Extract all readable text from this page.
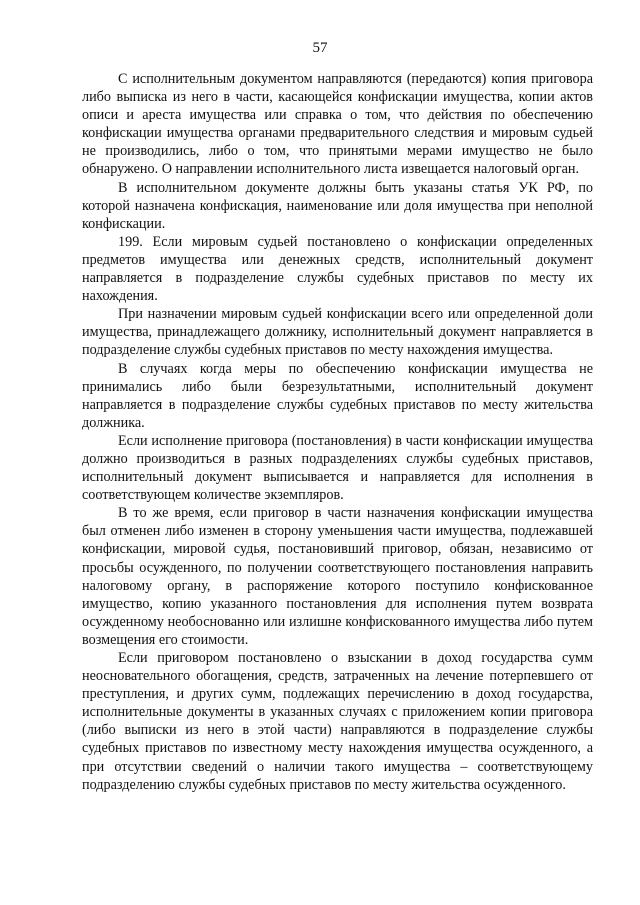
57

С исполнительным документом направляются (передаются) копия приговора либо выписка из него в части, касающейся конфискации имущества, копии актов описи и ареста имущества или справка о том, что действия по обеспечению конфискации имущества органами предварительного следствия и мировым судьей не производились, либо о том, что принятыми мерами имущество не было обнаружено. О направлении исполнительного листа извещается налоговый орган.

В исполнительном документе должны быть указаны статья УК РФ, по которой назначена конфискация, наименование или доля имущества при неполной конфискации.

199. Если мировым судьей постановлено о конфискации определенных предметов имущества или денежных средств, исполнительный документ направляется в подразделение службы судебных приставов по месту их нахождения.

При назначении мировым судьей конфискации всего или определенной доли имущества, принадлежащего должнику, исполнительный документ направляется в подразделение службы судебных приставов по месту нахождения имущества.

В случаях когда меры по обеспечению конфискации имущества не принимались либо были безрезультатными, исполнительный документ направляется в подразделение службы судебных приставов по месту жительства должника.

Если исполнение приговора (постановления) в части конфискации имущества должно производиться в разных подразделениях службы судебных приставов, исполнительный документ выписывается и направляется для исполнения в соответствующем количестве экземпляров.

В то же время, если приговор в части назначения конфискации имущества был отменен либо изменен в сторону уменьшения части имущества, подлежавшей конфискации, мировой судья, постановивший приговор, обязан, независимо от просьбы осужденного, по получении соответствующего постановления направить налоговому органу, в распоряжение которого поступило конфискованное имущество, копию указанного постановления для исполнения путем возврата осужденному необоснованно или излишне конфискованного имущества либо путем возмещения его стоимости.

Если приговором постановлено о взыскании в доход государства сумм неосновательного обогащения, средств, затраченных на лечение потерпевшего от преступления, и других сумм, подлежащих перечислению в доход государства, исполнительные документы в указанных случаях с приложением копии приговора (либо выписки из него в этой части) направляются в подразделение службы судебных приставов по известному месту нахождения имущества осужденного, а при отсутствии сведений о наличии такого имущества – соответствующему подразделению службы судебных приставов по месту жительства осужденного.
